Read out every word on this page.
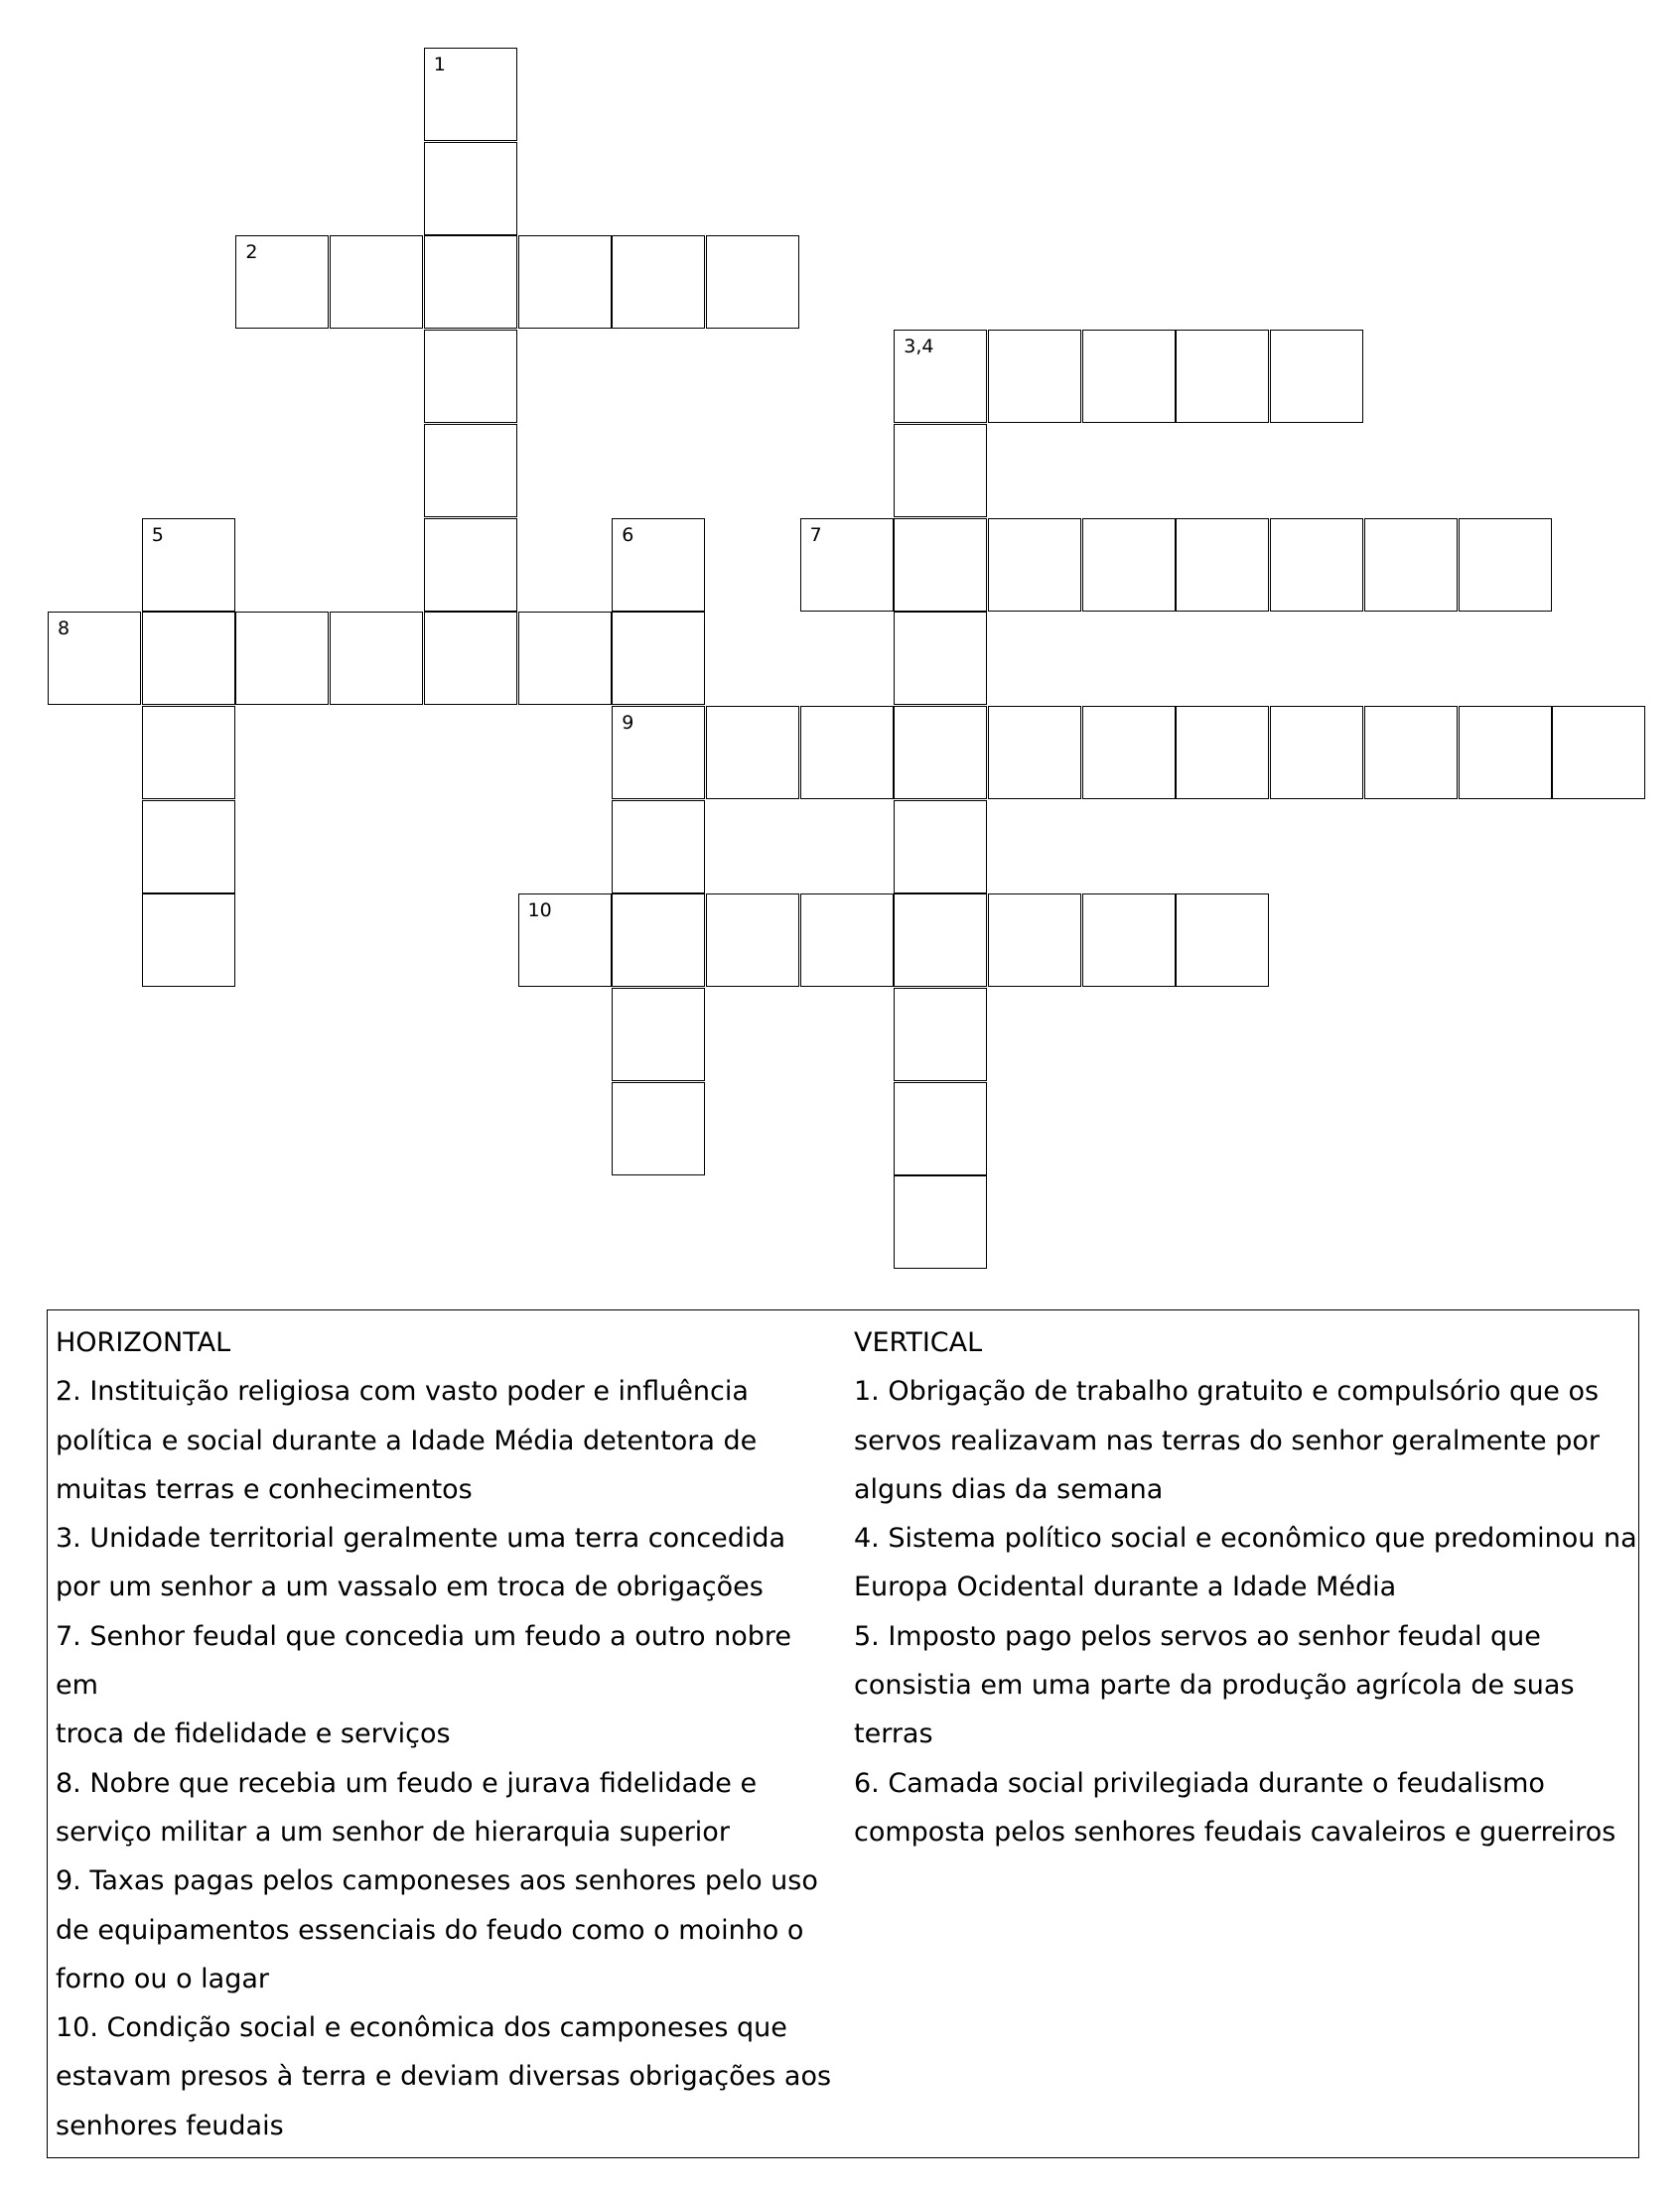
1
2
3,4
5	6	7
8
9
10
HORIZONTAL
2. Instituição religiosa com vasto poder e influência
política e social durante a Idade Média detentora de
muitas terras e conhecimentos
3. Unidade territorial geralmente uma terra concedida
por um senhor a um vassalo em troca de obrigações
7. Senhor feudal que concedia um feudo a outro nobre em
troca de fidelidade e serviços
8. Nobre que recebia um feudo e jurava fidelidade e
serviço militar a um senhor de hierarquia superior
9. Taxas pagas pelos camponeses aos senhores pelo uso
de equipamentos essenciais do feudo como o moinho o
forno ou o lagar
10. Condição social e econômica dos camponeses que
estavam presos à terra e deviam diversas obrigações aos
senhores feudais
VERTICAL
1. Obrigação de trabalho gratuito e compulsório que os
servos realizavam nas terras do senhor geralmente por
alguns dias da semana
4. Sistema político social e econômico que predominou na
Europa Ocidental durante a Idade Média
5. Imposto pago pelos servos ao senhor feudal que
consistia em uma parte da produção agrícola de suas
terras
6. Camada social privilegiada durante o feudalismo
composta pelos senhores feudais cavaleiros e guerreiros
